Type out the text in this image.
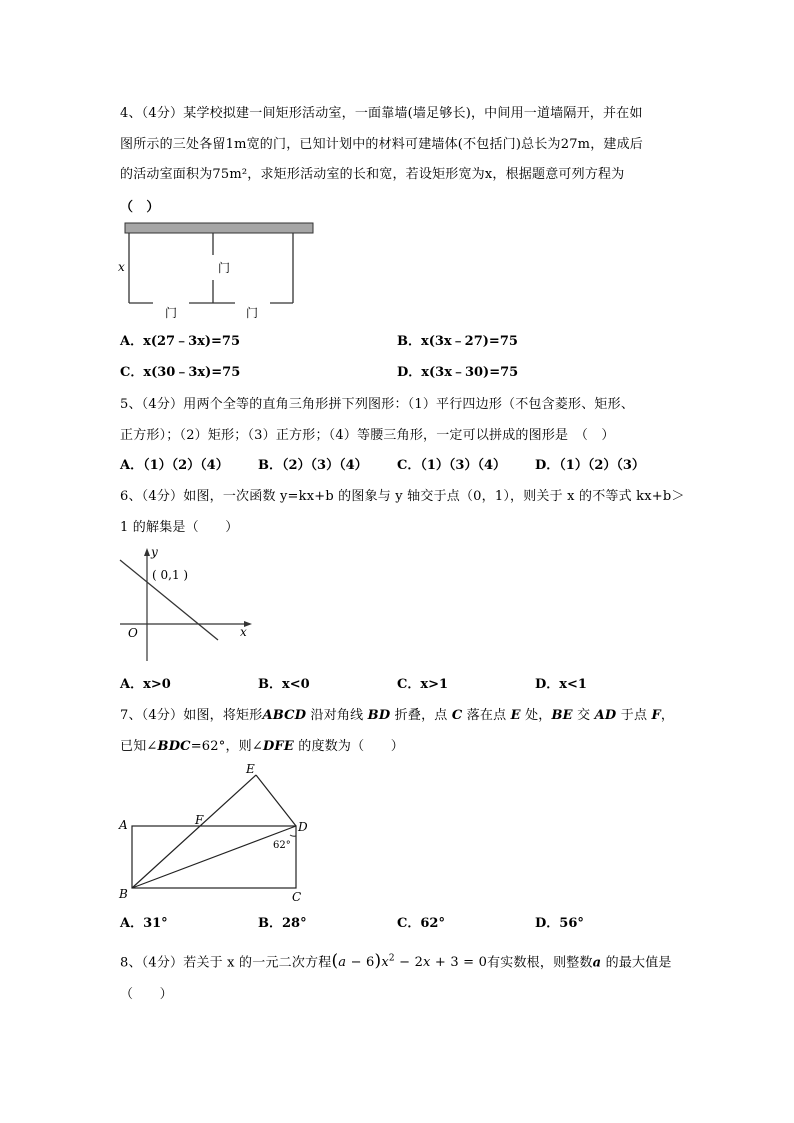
4、（4分）某学校拟建一间矩形活动室，一面靠墙(墙足够长)，中间用一道墙隔开，并在如
图所示的三处各留1m宽的门，已知计划中的材料可建墙体(不包括门)总长为27m，建成后
的活动室面积为75m²，求矩形活动室的长和宽，若设矩形宽为x，根据题意可列方程为
（　）
x	门
门	门
A．x(27﹣3x)=75	B．x(3x﹣27)=75
C．x(30﹣3x)=75	D．x(3x﹣30)=75
5、（4分）用两个全等的直角三角形拼下列图形：（1）平行四边形（不包含菱形、矩形、
正方形）；（2）矩形；（3）正方形；（4）等腰三角形，一定可以拼成的图形是　（　）
A．（1）（2）（4） B．（2）（3）（4） C．（1）（3）（4） D．（1）（2）（3）
6、（4分）如图，一次函数 y=kx+b 的图象与 y 轴交于点（0，1），则关于 x 的不等式 kx+b＞
1 的解集是（　　）
y
x
O
( 0,1 )
A．x>0	B．x<0	C．x>1	D．x<1
7、（4分）如图，将矩形ABCD 沿对角线 BD 折叠，点 C 落在点 E 处，BE 交 AD 于点 F，
已知∠BDC=62°，则∠DFE 的度数为（　　）
A
B	C
D
E
F
62°
A．31°	B．28°	C．62°	D．56°
8、（4分）若关于 x 的一元二次方程$(a - 6)x^2 - 2x + 3 = 0$有实数根，则整数a 的最大值是
（　　）
